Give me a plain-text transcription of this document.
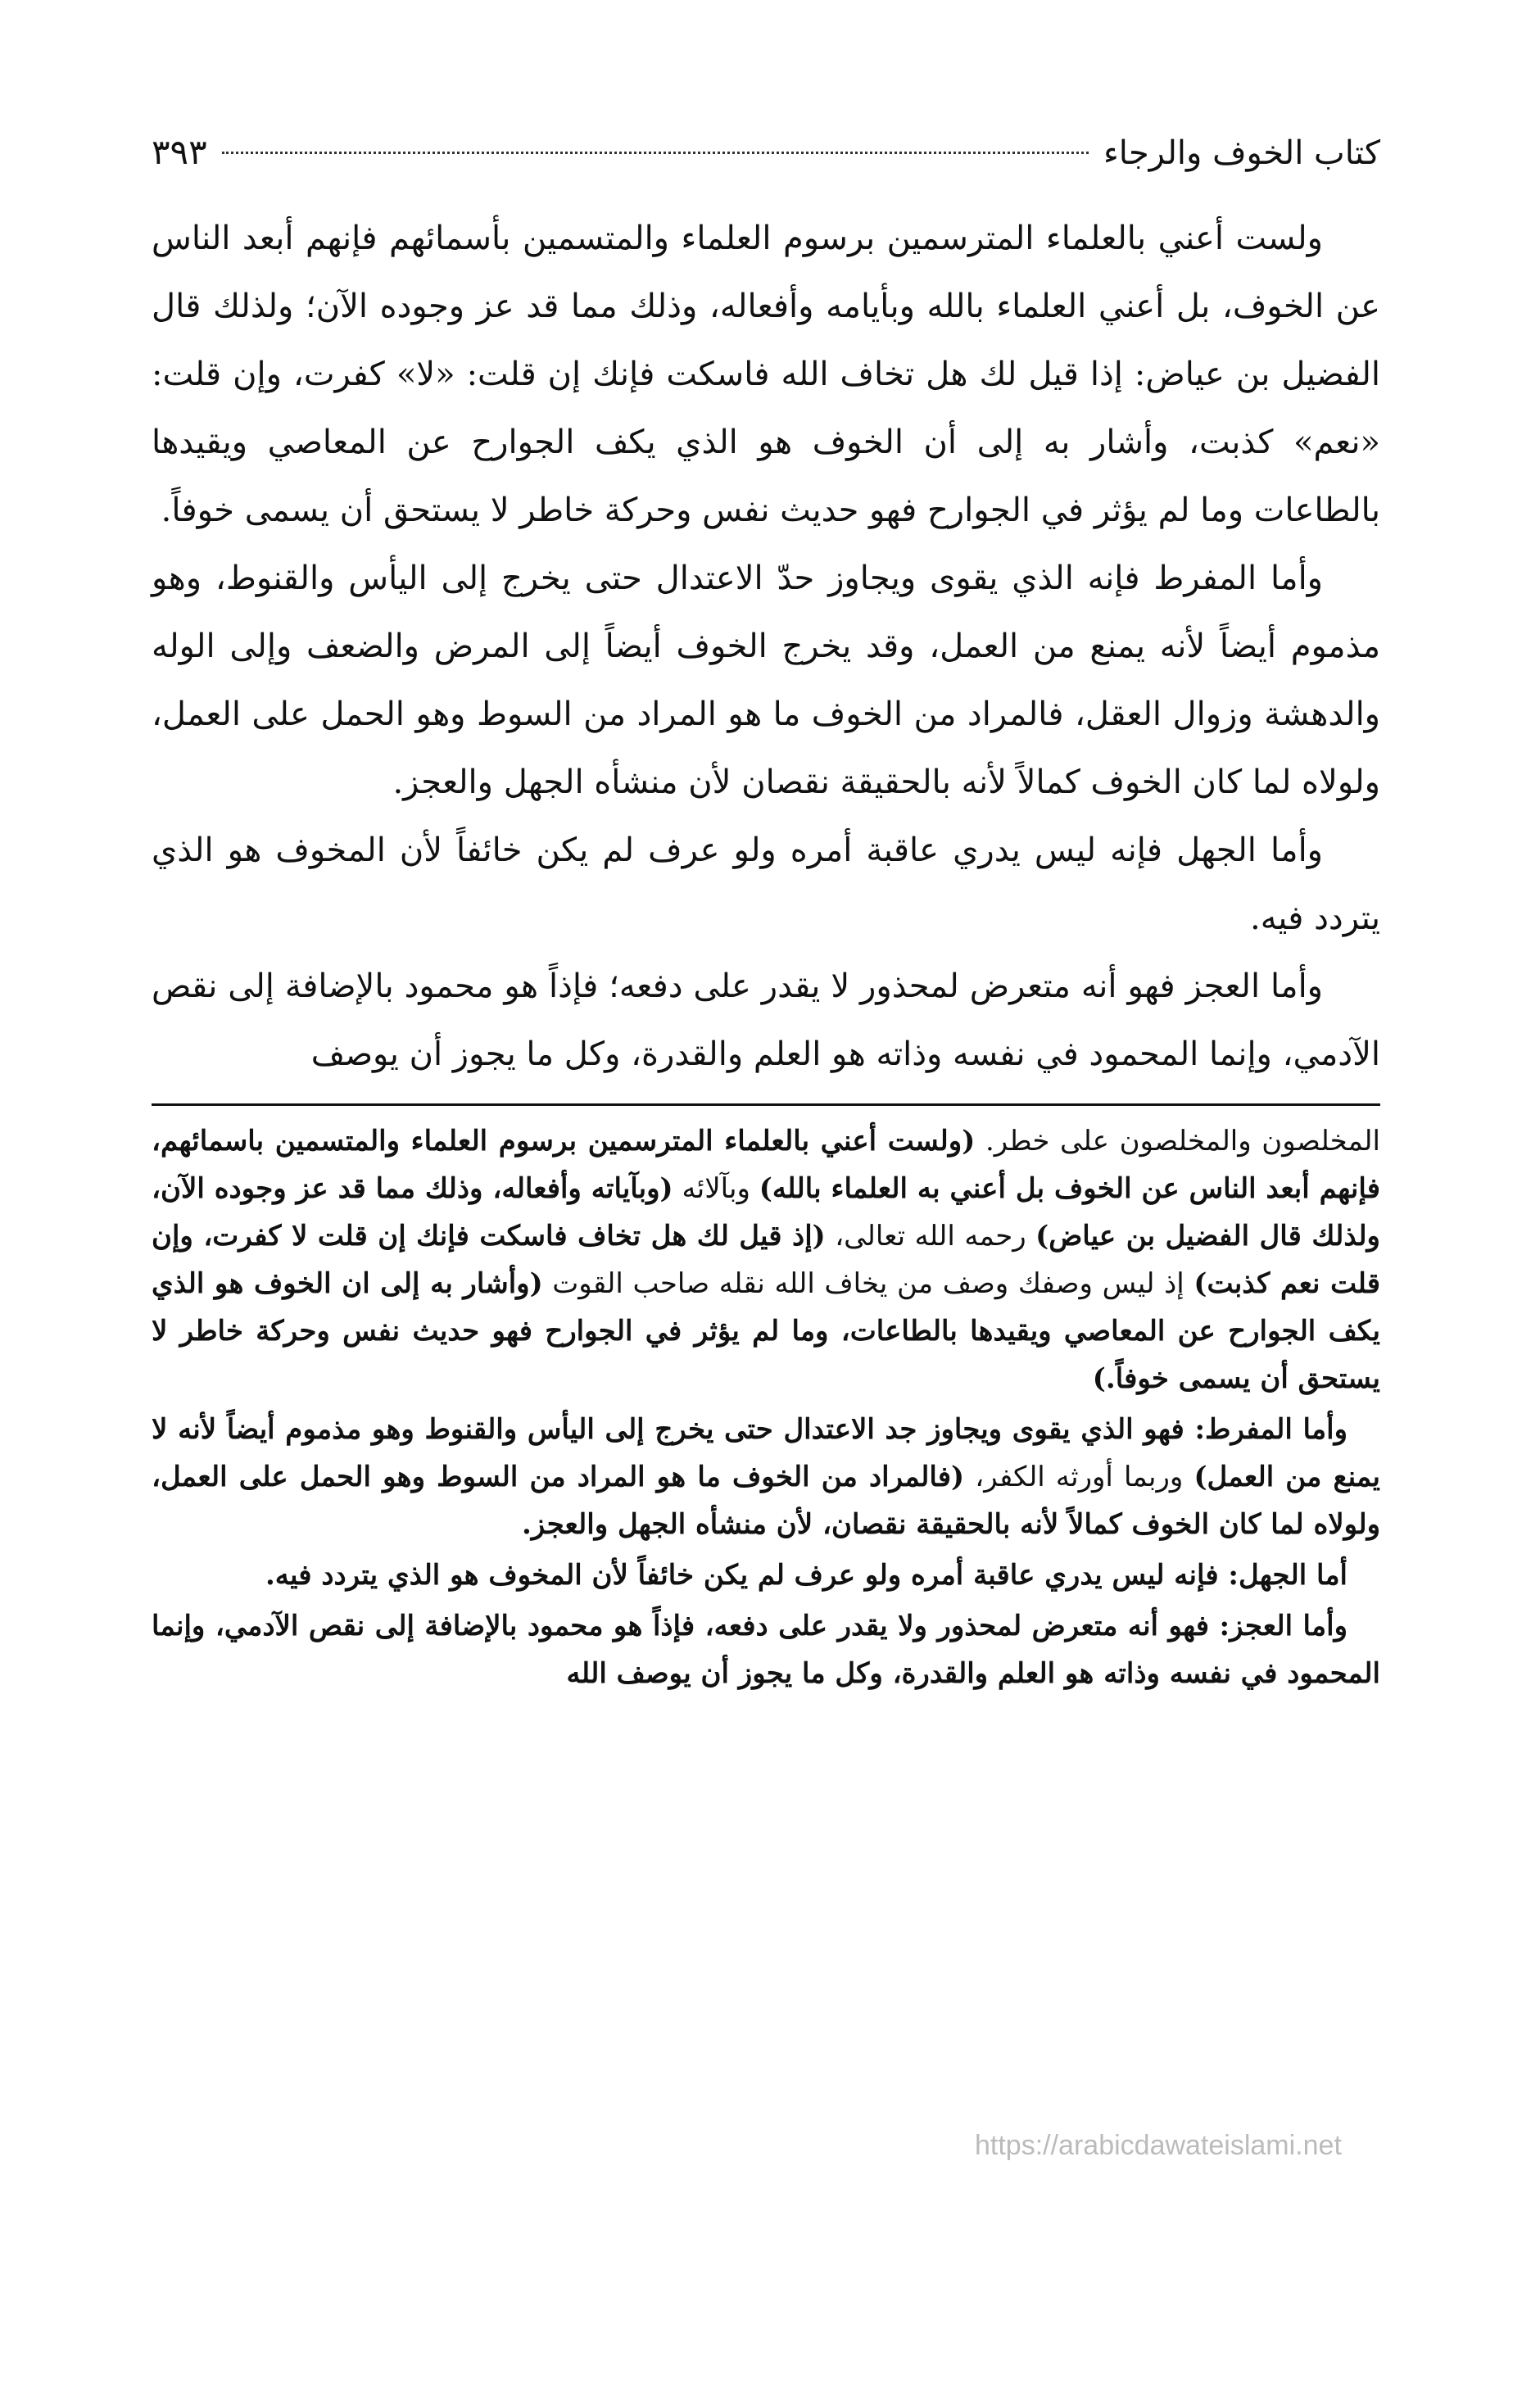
كتاب الخوف والرجاء
٣٩٣

ولست أعني بالعلماء المترسمين برسوم العلماء والمتسمين بأسمائهم فإنهم أبعد الناس عن الخوف، بل أعني العلماء بالله وبأيامه وأفعاله، وذلك مما قد عز وجوده الآن؛ ولذلك قال الفضيل بن عياض: إذا قيل لك هل تخاف الله فاسكت فإنك إن قلت: «لا» كفرت، وإن قلت: «نعم» كذبت، وأشار به إلى أن الخوف هو الذي يكف الجوارح عن المعاصي ويقيدها بالطاعات وما لم يؤثر في الجوارح فهو حديث نفس وحركة خاطر لا يستحق أن يسمى خوفاً.

وأما المفرط فإنه الذي يقوى ويجاوز حدّ الاعتدال حتى يخرج إلى اليأس والقنوط، وهو مذموم أيضاً لأنه يمنع من العمل، وقد يخرج الخوف أيضاً إلى المرض والضعف وإلى الوله والدهشة وزوال العقل، فالمراد من الخوف ما هو المراد من السوط وهو الحمل على العمل، ولولاه لما كان الخوف كمالاً لأنه بالحقيقة نقصان لأن منشأه الجهل والعجز.

وأما الجهل فإنه ليس يدري عاقبة أمره ولو عرف لم يكن خائفاً لأن المخوف هو الذي يتردد فيه.

وأما العجز فهو أنه متعرض لمحذور لا يقدر على دفعه؛ فإذاً هو محمود بالإضافة إلى نقص الآدمي، وإنما المحمود في نفسه وذاته هو العلم والقدرة، وكل ما يجوز أن يوصف

المخلصون والمخلصون على خطر. (ولست أعني بالعلماء المترسمين برسوم العلماء والمتسمين باسمائهم، فإنهم أبعد الناس عن الخوف بل أعني به العلماء بالله) وبآلائه (وبآياته وأفعاله، وذلك مما قد عز وجوده الآن، ولذلك قال الفضيل بن عياض) رحمه الله تعالى، (إذ قيل لك هل تخاف فاسكت فإنك إن قلت لا كفرت، وإن قلت نعم كذبت) إذ ليس وصفك وصف من يخاف الله نقله صاحب القوت (وأشار به إلى ان الخوف هو الذي يكف الجوارح عن المعاصي ويقيدها بالطاعات، وما لم يؤثر في الجوارح فهو حديث نفس وحركة خاطر لا يستحق أن يسمى خوفاً.)

وأما المفرط: فهو الذي يقوى ويجاوز جد الاعتدال حتى يخرج إلى اليأس والقنوط وهو مذموم أيضاً لأنه لا يمنع من العمل) وربما أورثه الكفر، (فالمراد من الخوف ما هو المراد من السوط وهو الحمل على العمل، ولولاه لما كان الخوف كمالاً لأنه بالحقيقة نقصان، لأن منشأه الجهل والعجز.

أما الجهل: فإنه ليس يدري عاقبة أمره ولو عرف لم يكن خائفاً لأن المخوف هو الذي يتردد فيه.

وأما العجز: فهو أنه متعرض لمحذور ولا يقدر على دفعه، فإذاً هو محمود بالإضافة إلى نقص الآدمي، وإنما المحمود في نفسه وذاته هو العلم والقدرة، وكل ما يجوز أن يوصف الله

https://arabicdawateislami.net
